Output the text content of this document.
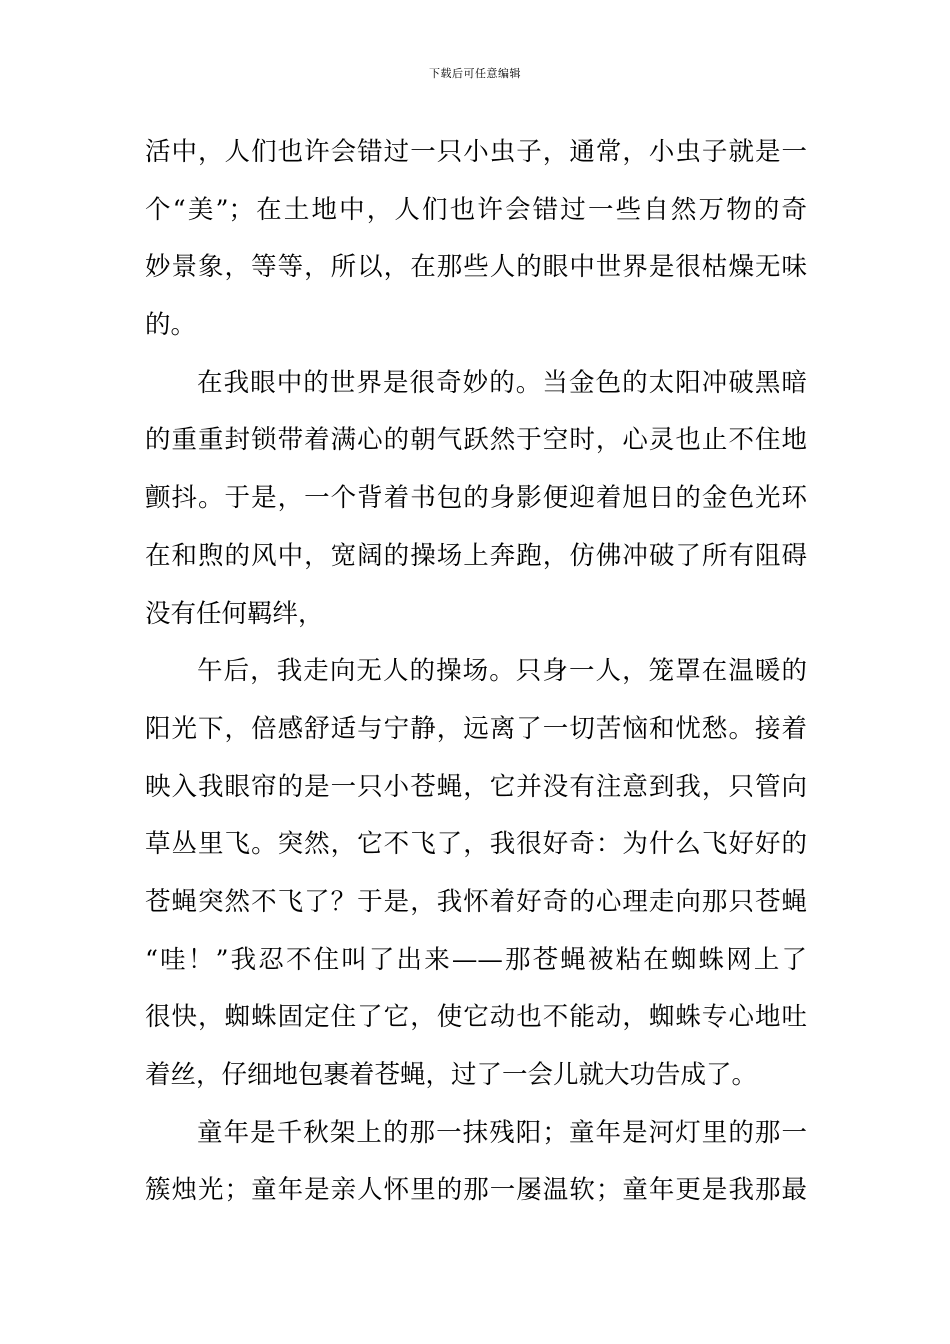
下载后可任意编辑
活中，人们也许会错过一只小虫子，通常，小虫子就是一
个“美”；在土地中，人们也许会错过一些自然万物的奇
妙景象，等等，所以，在那些人的眼中世界是很枯燥无味
的。
在我眼中的世界是很奇妙的。当金色的太阳冲破黑暗
的重重封锁带着满心的朝气跃然于空时，心灵也止不住地
颤抖。于是，一个背着书包的身影便迎着旭日的金色光环
在和煦的风中，宽阔的操场上奔跑，仿佛冲破了所有阻碍
没有任何羁绊，
午后，我走向无人的操场。只身一人，笼罩在温暖的
阳光下，倍感舒适与宁静，远离了一切苦恼和忧愁。接着
映入我眼帘的是一只小苍蝇，它并没有注意到我，只管向
草丛里飞。突然，它不飞了，我很好奇：为什么飞好好的
苍蝇突然不飞了？于是，我怀着好奇的心理走向那只苍蝇
“哇！”我忍不住叫了出来——那苍蝇被粘在蜘蛛网上了
很快，蜘蛛固定住了它，使它动也不能动，蜘蛛专心地吐
着丝，仔细地包裹着苍蝇，过了一会儿就大功告成了。
童年是千秋架上的那一抹残阳；童年是河灯里的那一
簇烛光；童年是亲人怀里的那一屡温软；童年更是我那最
